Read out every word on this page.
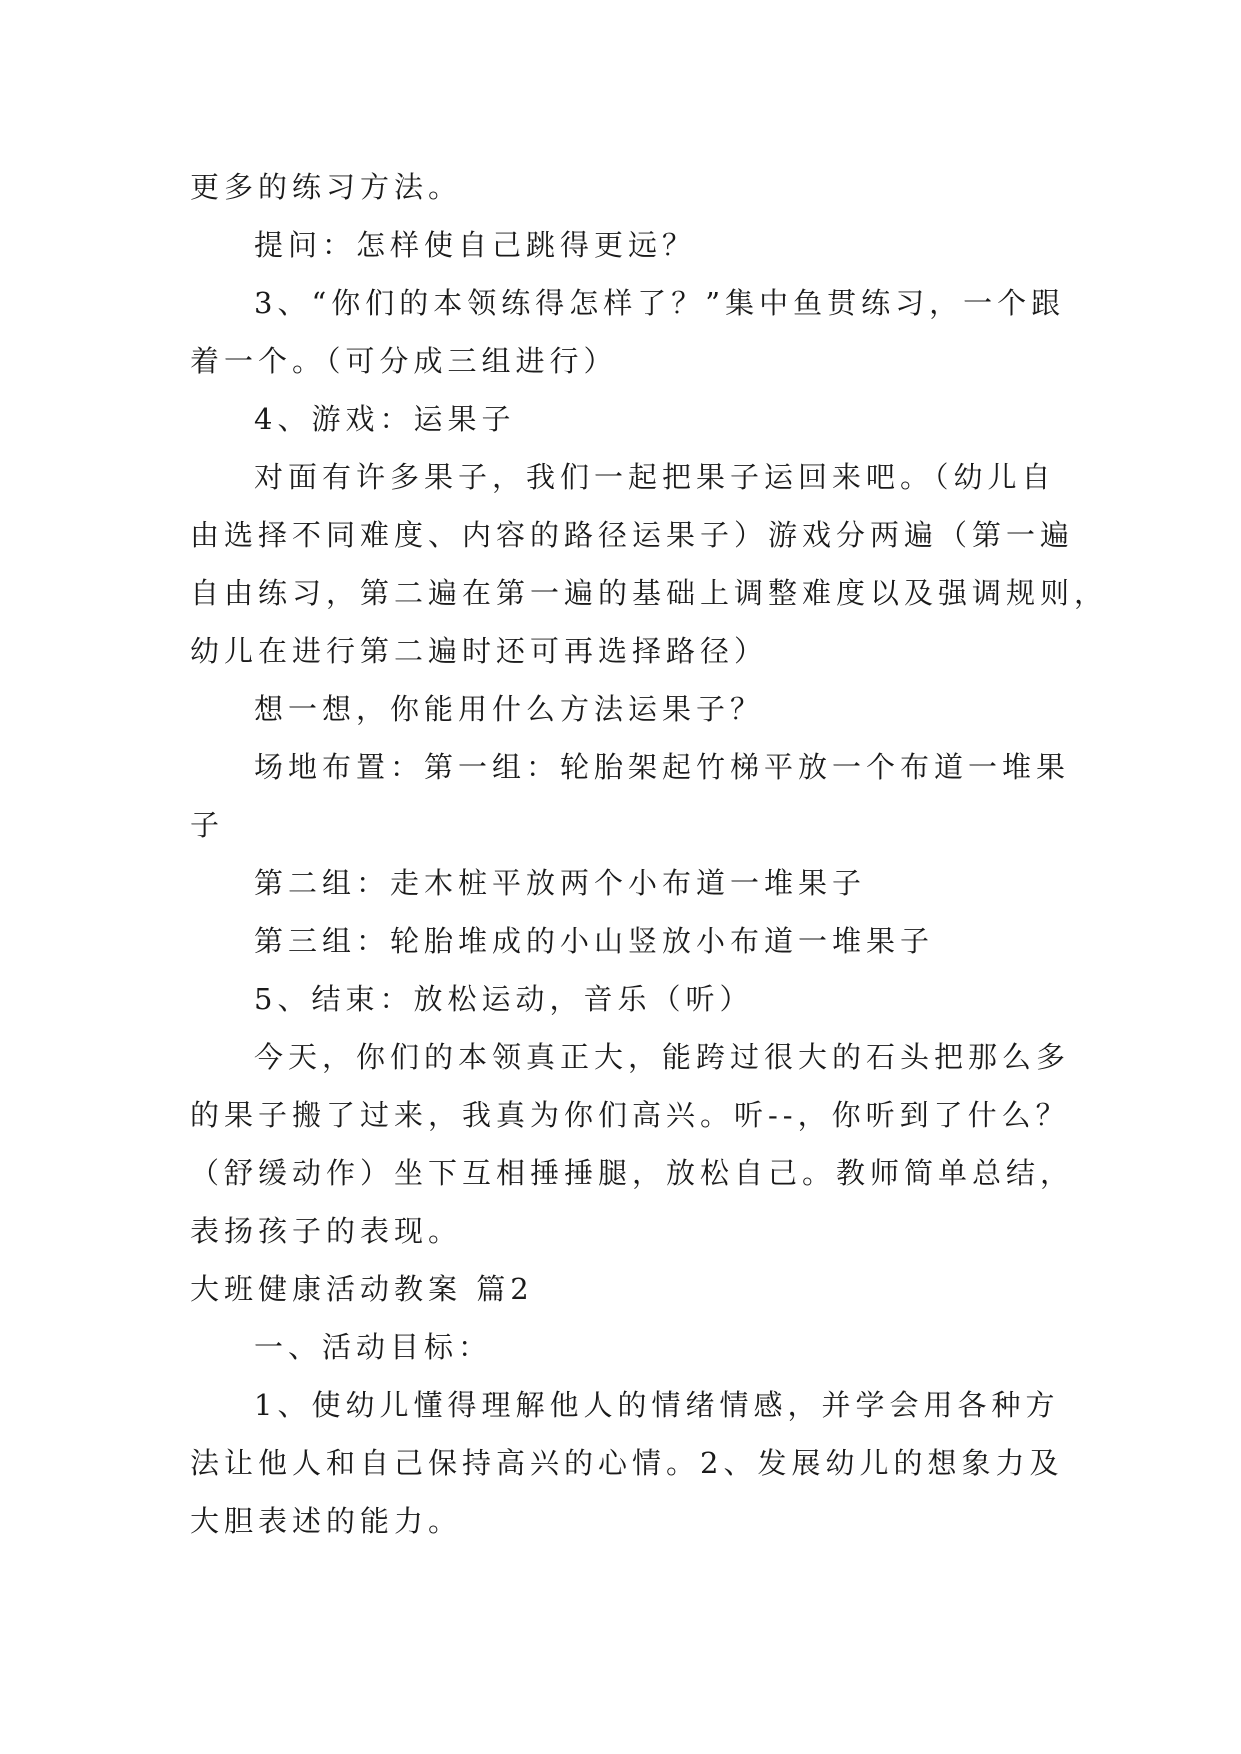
更多的练习方法。
提问：怎样使自己跳得更远？
3、“你们的本领练得怎样了？”集中鱼贯练习，一个跟
着一个。（可分成三组进行）
4、游戏：运果子
对面有许多果子，我们一起把果子运回来吧。（幼儿自
由选择不同难度、内容的路径运果子）游戏分两遍（第一遍
自由练习，第二遍在第一遍的基础上调整难度以及强调规则，
幼儿在进行第二遍时还可再选择路径）
想一想，你能用什么方法运果子？
场地布置：第一组：轮胎架起竹梯平放一个布道一堆果
子
第二组：走木桩平放两个小布道一堆果子
第三组：轮胎堆成的小山竖放小布道一堆果子
5、结束：放松运动，音乐（听）
今天，你们的本领真正大，能跨过很大的石头把那么多
的果子搬了过来，我真为你们高兴。听--，你听到了什么？
（舒缓动作）坐下互相捶捶腿，放松自己。教师简单总结，
表扬孩子的表现。
大班健康活动教案 篇2
一、活动目标：
1、使幼儿懂得理解他人的情绪情感，并学会用各种方
法让他人和自己保持高兴的心情。2、发展幼儿的想象力及
大胆表述的能力。
